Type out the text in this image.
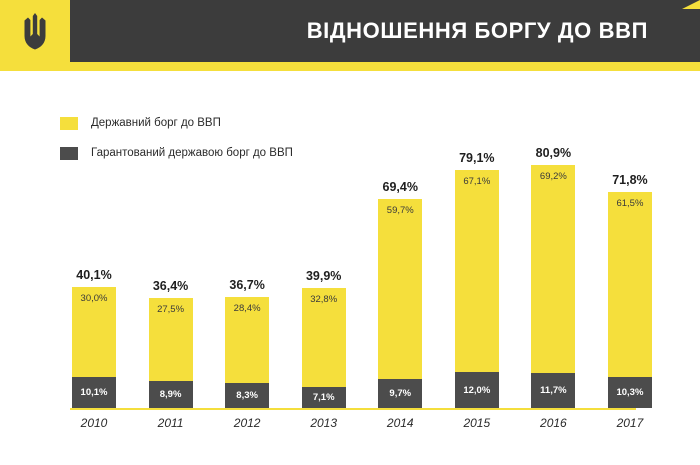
ВІДНОШЕННЯ БОРГУ ДО ВВП
Державний борг до ВВП
Гарантований державою борг до ВВП
40,1%
30,0%
10,1%
36,4%
27,5%
8,9%
36,7%
28,4%
8,3%
39,9%
32,8%
7,1%
69,4%
59,7%
9,7%
79,1%
67,1%
12,0%
80,9%
69,2%
11,7%
71,8%
61,5%
10,3%
2010	2011	2012	2013	2014	2015	2016	2017
